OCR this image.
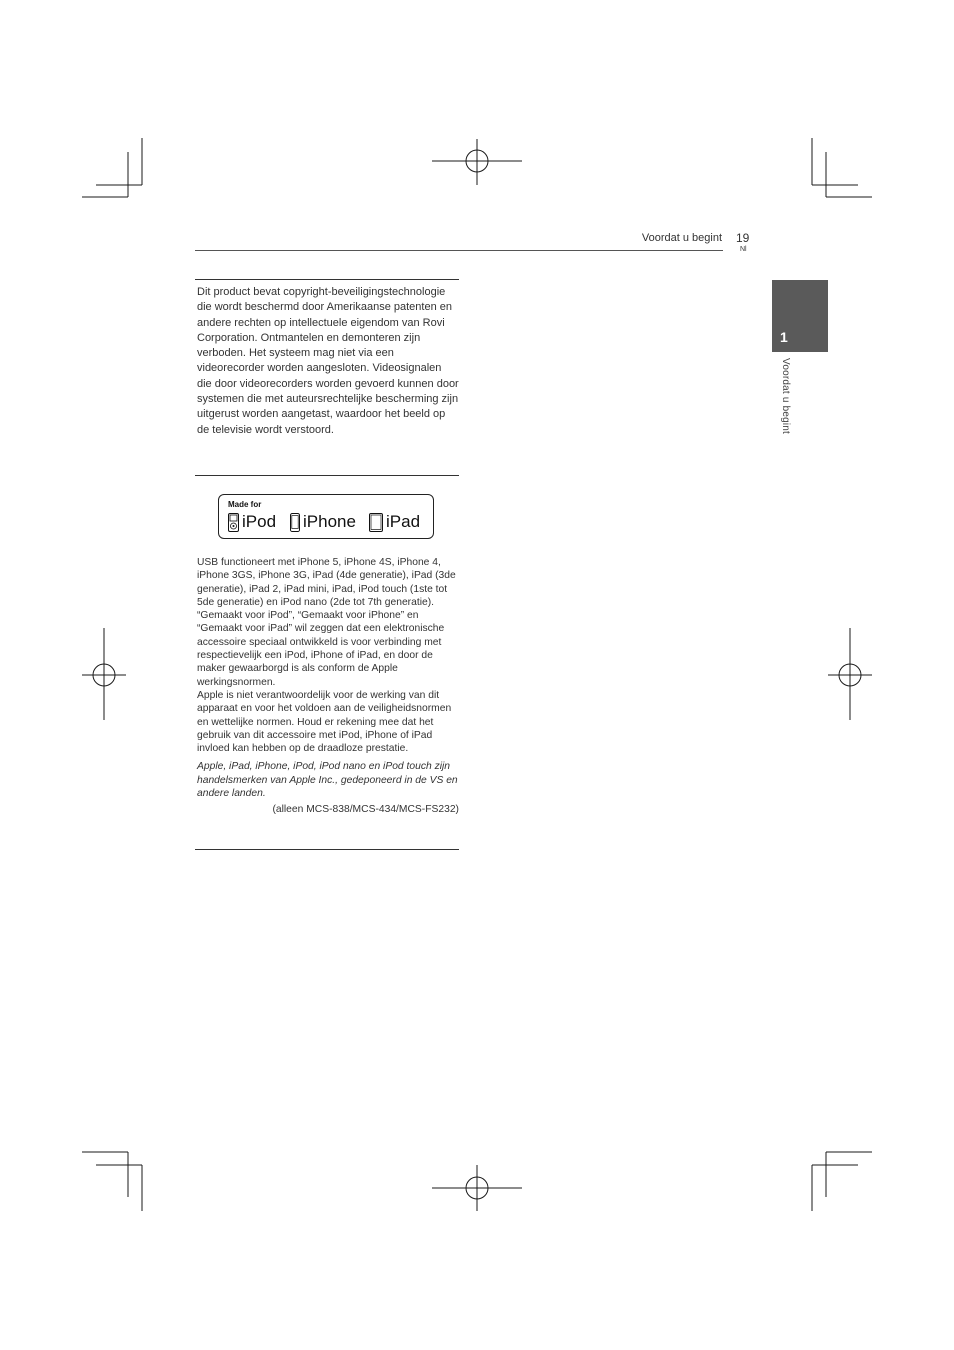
Voordat u begint 19
Nl
1
Voordat u begint

Dit product bevat copyright-beveiligingstechnologie die wordt beschermd door Amerikaanse patenten en andere rechten op intellectuele eigendom van Rovi Corporation. Ontmantelen en demonteren zijn verboden. Het systeem mag niet via een videorecorder worden aangesloten. Videosignalen die door videorecorders worden gevoerd kunnen door systemen die met auteursrechtelijke bescherming zijn uitgerust worden aangetast, waardoor het beeld op de televisie wordt verstoord.

Made for
iPod iPhone iPad

USB functioneert met iPhone 5, iPhone 4S, iPhone 4, iPhone 3GS, iPhone 3G, iPad (4de generatie), iPad (3de generatie), iPad 2, iPad mini, iPad, iPod touch (1ste tot 5de generatie) en iPod nano (2de tot 7th generatie).

“Gemaakt voor iPod”, “Gemaakt voor iPhone” en “Gemaakt voor iPad” wil zeggen dat een elektronische accessoire speciaal ontwikkeld is voor verbinding met respectievelijk een iPod, iPhone of iPad, en door de maker gewaarborgd is als conform de Apple werkingsnormen.

Apple is niet verantwoordelijk voor de werking van dit apparaat en voor het voldoen aan de veiligheidsnormen en wettelijke normen. Houd er rekening mee dat het gebruik van dit accessoire met iPod, iPhone of iPad invloed kan hebben op de draadloze prestatie.

Apple, iPad, iPhone, iPod, iPod nano en iPod touch zijn handelsmerken van Apple Inc., gedeponeerd in de VS en andere landen.

(alleen MCS-838/MCS-434/MCS-FS232)
